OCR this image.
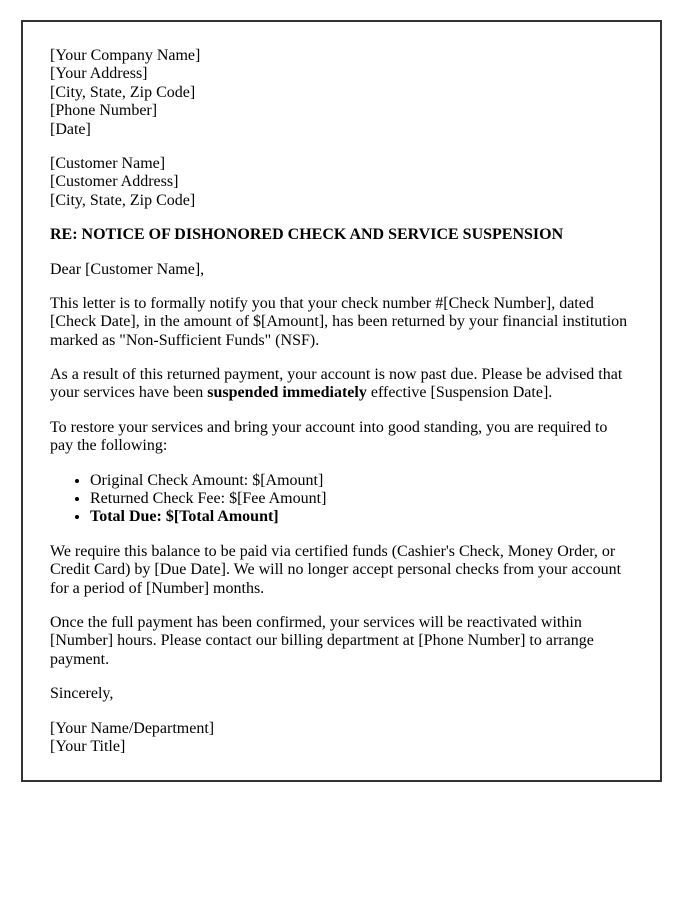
[Your Company Name]
[Your Address]
[City, State, Zip Code]
[Phone Number]
[Date]
[Customer Name]
[Customer Address]
[City, State, Zip Code]

RE: NOTICE OF DISHONORED CHECK AND SERVICE SUSPENSION

Dear [Customer Name],

This letter is to formally notify you that your check number #[Check Number], dated [Check Date], in the amount of $[Amount], has been returned by your financial institution marked as "Non-Sufficient Funds" (NSF).

As a result of this returned payment, your account is now past due. Please be advised that your services have been suspended immediately effective [Suspension Date].

To restore your services and bring your account into good standing, you are required to pay the following:

• Original Check Amount: $[Amount]
• Returned Check Fee: $[Fee Amount]
• Total Due: $[Total Amount]

We require this balance to be paid via certified funds (Cashier's Check, Money Order, or Credit Card) by [Due Date]. We will no longer accept personal checks from your account for a period of [Number] months.

Once the full payment has been confirmed, your services will be reactivated within [Number] hours. Please contact our billing department at [Phone Number] to arrange payment.

Sincerely,

[Your Name/Department]
[Your Title]
